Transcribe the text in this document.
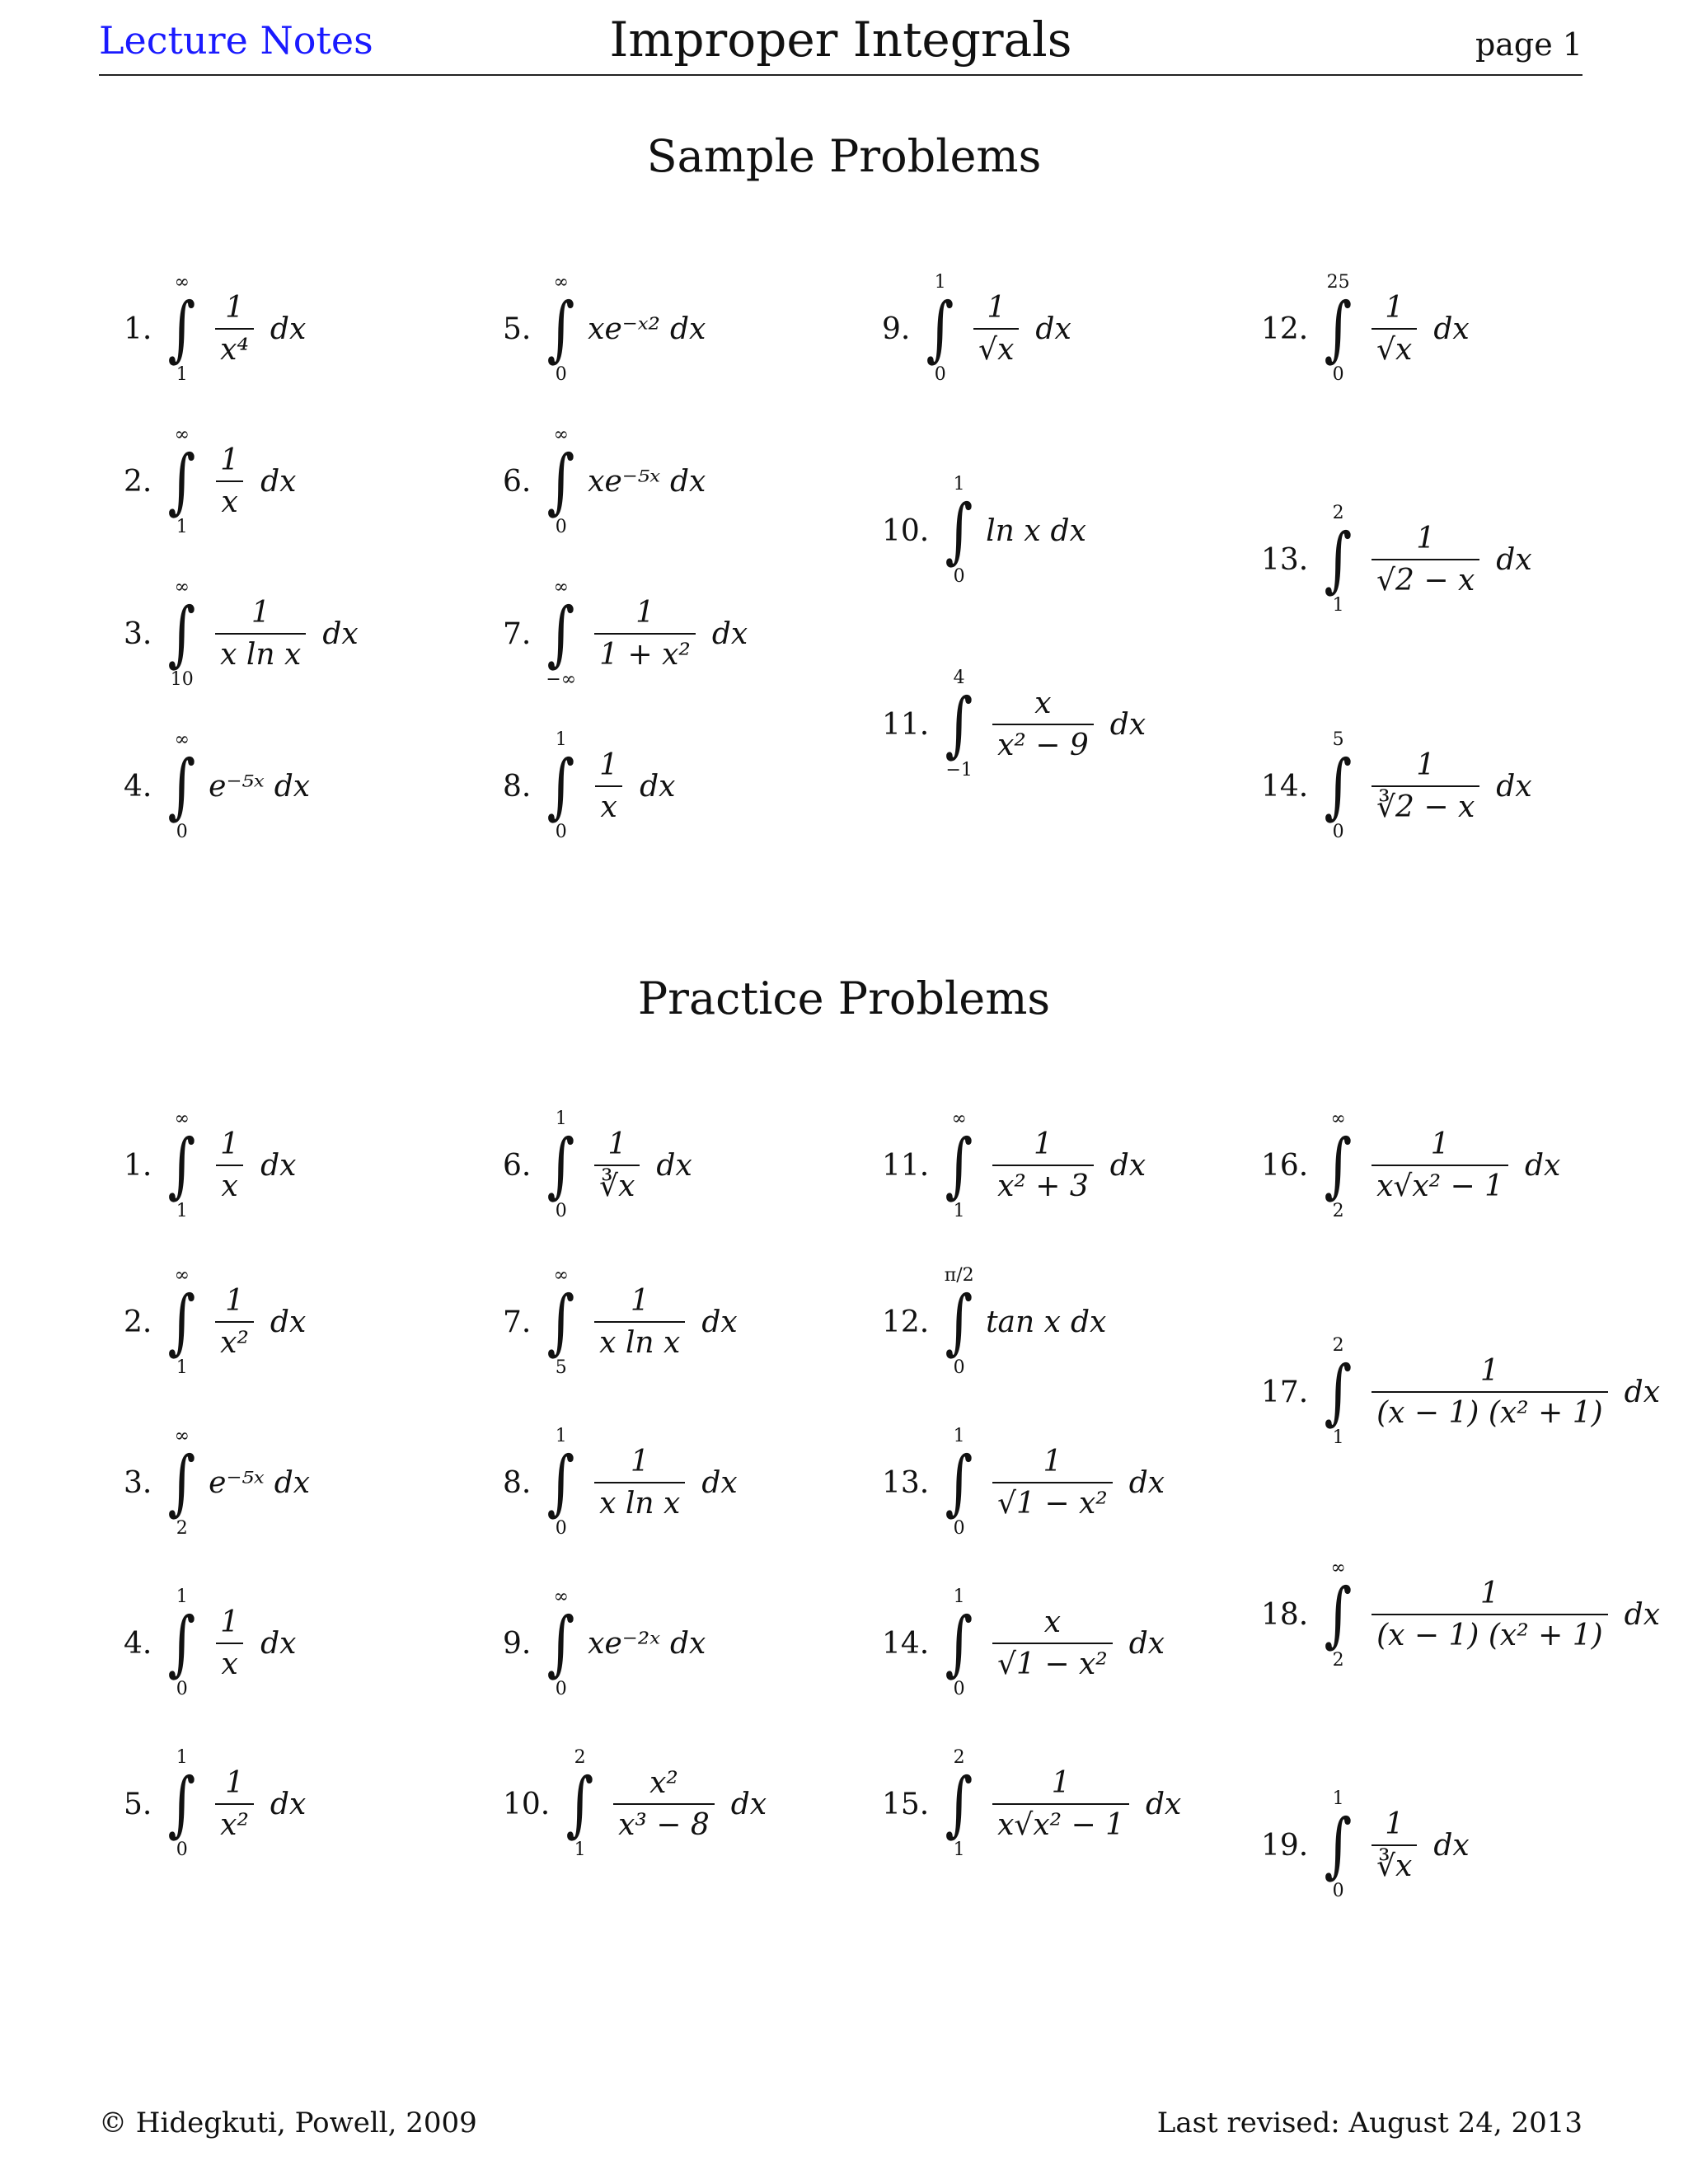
Lecture Notes	Improper Integrals	page 1
Sample Problems
Practice Problems
1.
∞
∫
1
$\frac{1}{\text{x⁴}}$ dx
2.
∞
∫
1
$\frac{1}{x}$ dx
3.
∞
∫
10
$\frac{1}{\text{x ln x}}$ dx
4.
∞
∫
0
e⁻⁵ˣ dx
5.
∞
∫
0
xe⁻ˣ² dx
6.
∞
∫
0
xe⁻⁵ˣ dx
7.
∞
∫
−∞
$\frac{1}{\text{1 + x²}}$ dx
8.
1
∫
0
$\frac{1}{x}$ dx
9.
1
∫
0
$\frac{1}{√x}$ dx
10.
1
∫
0
ln x dx
11.
4
∫
−1
$\frac{x}{\text{x² − 9}}$ dx
12.
25
∫
0
$\frac{1}{√x}$ dx
13.
2
∫
1
$\frac{1}{√2 - x}$ dx
14.
5
∫
0
$\frac{1}{∛2 - x}$ dx
1.
∞
∫
1
$\frac{1}{x}$ dx
2.
∞
∫
1
$\frac{1}{\text{x²}}$ dx
3.
∞
∫
2
e⁻⁵ˣ dx
4.
1
∫
0
$\frac{1}{x}$ dx
5.
1
∫
0
$\frac{1}{\text{x²}}$ dx
6.
1
∫
0
$\frac{1}{∛x}$ dx
7.
∞
∫
5
$\frac{1}{\text{x ln x}}$ dx
8.
1
∫
0
$\frac{1}{\text{x ln x}}$ dx
9.
∞
∫
0
xe⁻²ˣ dx
10.
2
∫
1
$\frac{\text{x²}}{\text{x³ − 8}}$ dx
11.
∞
∫
1
$\frac{1}{\text{x² + 3}}$ dx
12.
π/2
∫
0
tan x dx
13.
1
∫
0
$\frac{1}{\text{√1 − x²}}$ dx
14.
1
∫
0
$\frac{x}{\text{√1 − x²}}$ dx
15.
2
∫
1
$\frac{1}{\text{x√x² − 1}}$ dx
16.
∞
∫
2
$\frac{1}{\text{x√x² − 1}}$ dx
17.
2
∫
1
$\frac{1}{\text{(x − 1) (x² + 1)}}$ dx
18.
∞
∫
2
$\frac{1}{\text{(x − 1) (x² + 1)}}$ dx
19.
1
∫
0
$\frac{1}{∛x}$ dx
© Hidegkuti, Powell, 2009	Last revised: August 24, 2013
